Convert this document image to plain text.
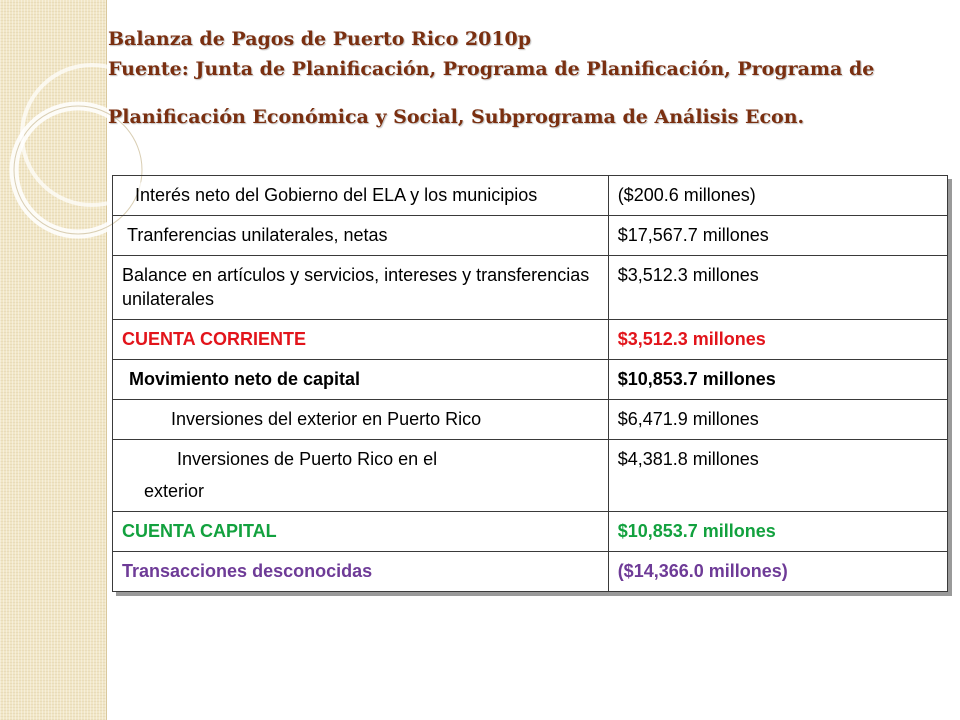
Balanza de Pagos de Puerto Rico 2010p
Fuente: Junta de Planificación, Programa de Planificación, Programa de
Planificación Económica y Social, Subprograma de Análisis Econ.
Interés neto del Gobierno del ELA y los municipios	($200.6 millones)
Tranferencias unilaterales, netas	$17,567.7 millones
Balance en artículos y servicios, intereses y transferencias unilaterales	$3,512.3 millones
CUENTA CORRIENTE	$3,512.3 millones
Movimiento neto de capital	$10,853.7 millones
Inversiones del exterior en Puerto Rico	$6,471.9 millones

Inversiones de Puerto Rico en el
exterior	$4,381.8 millones
CUENTA CAPITAL	$10,853.7 millones
Transacciones desconocidas	($14,366.0 millones)
